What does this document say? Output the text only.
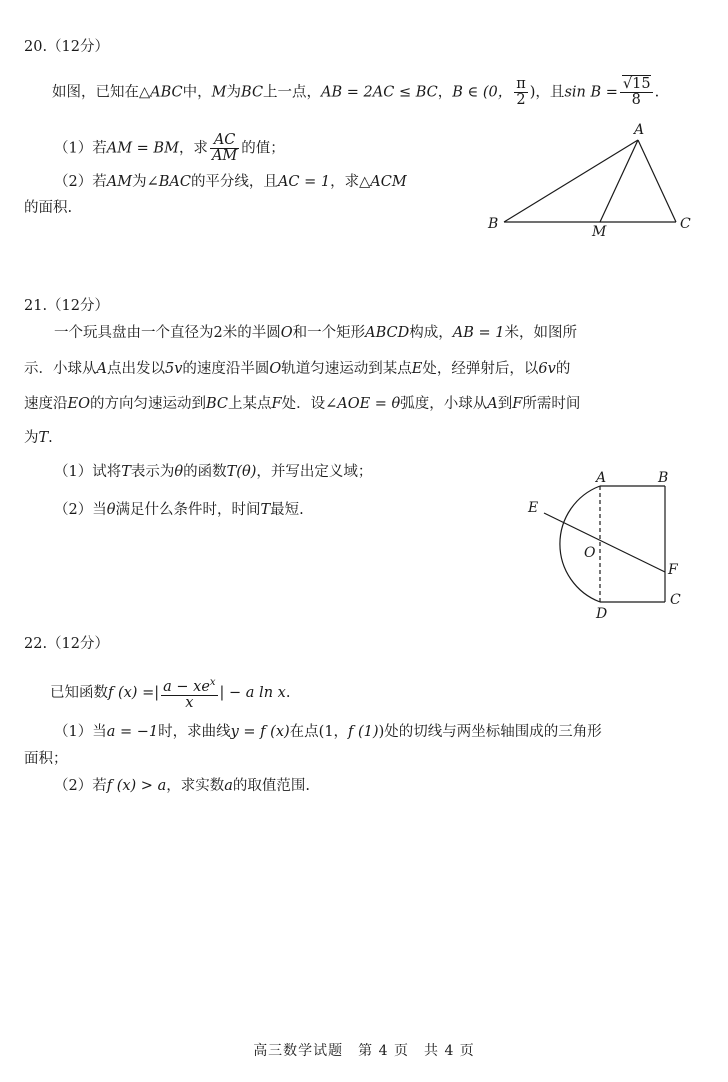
20.（12分）
如图，已知在△ABC中，M为BC上一点，AB = 2AC ≤ BC，B ∈ (0， $\frac{\pi}{2}$ )，且$\sin B = \frac{√15}{8}$ .
（1）若AM = BM，求 $\frac{AC}{AM}$ 的值；
（2）若AM为∠BAC的平分线，且AC = 1，求△ACM
的面积.
A
B	M	C
21.（12分）
一个玩具盘由一个直径为2米的半圆O和一个矩形ABCD构成，AB = 1米，如图所
示．小球从A点出发以5v的速度沿半圆O轨道匀速运动到某点E处，经弹射后，以6v的
速度沿EO的方向匀速运动到BC上某点F处．设∠AOE = θ弧度，小球从A到F所需时间
为T.
（1）试将T表示为θ的函数T(θ)，并写出定义域；
（2）当θ满足什么条件时，时间T最短.
A	B
E
O
F
D
C
22.（12分）
已知函数f (x) =| $\frac{a - xe^x}{x}$ | − a ln x.
（1）当a = −1时，求曲线y = f (x)在点(1，f (1))处的切线与两坐标轴围成的三角形
面积；
（2）若f (x) > a，求实数a的取值范围.
高三数学试题　第 4 页　共 4 页
